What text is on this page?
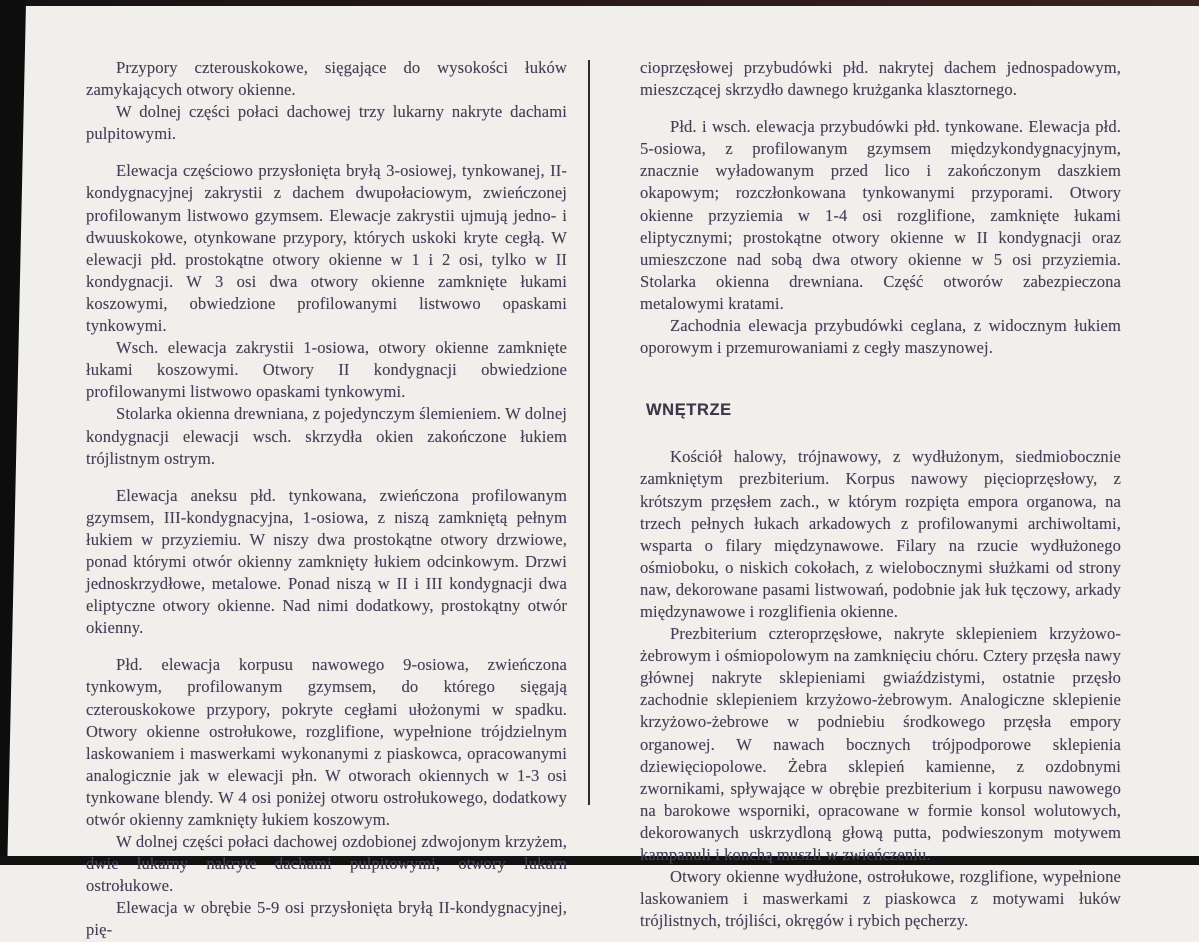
Przypory czterouskokowe, sięgające do wysokości łuków zamykających otwory okienne.

W dolnej części połaci dachowej trzy lukarny nakryte dachami pulpitowymi.

Elewacja częściowo przysłonięta bryłą 3-osiowej, tynkowanej, II-kondygnacyjnej zakrystii z dachem dwupołaciowym, zwieńczonej profilowanym listwowo gzymsem. Elewacje zakrystii ujmują jedno- i dwuuskokowe, otynkowane przypory, których uskoki kryte cegłą. W elewacji płd. prostokątne otwory okienne w 1 i 2 osi, tylko w II kondygnacji. W 3 osi dwa otwory okienne zamknięte łukami koszowymi, obwiedzione profilowanymi listwowo opaskami tynkowymi.

Wsch. elewacja zakrystii 1-osiowa, otwory okienne zamknięte łukami koszowymi. Otwory II kondygnacji obwiedzione profilowanymi listwowo opaskami tynkowymi.

Stolarka okienna drewniana, z pojedynczym ślemieniem. W dolnej kondygnacji elewacji wsch. skrzydła okien zakończone łukiem trójlistnym ostrym.

Elewacja aneksu płd. tynkowana, zwieńczona profilowanym gzymsem, III-kondygnacyjna, 1-osiowa, z niszą zamkniętą pełnym łukiem w przyziemiu. W niszy dwa prostokątne otwory drzwiowe, ponad którymi otwór okienny zamknięty łukiem odcinkowym. Drzwi jednoskrzydłowe, metalowe. Ponad niszą w II i III kondygnacji dwa eliptyczne otwory okienne. Nad nimi dodatkowy, prostokątny otwór okienny.

Płd. elewacja korpusu nawowego 9-osiowa, zwieńczona tynkowym, profilowanym gzymsem, do którego sięgają czterouskokowe przypory, pokryte cegłami ułożonymi w spadku. Otwory okienne ostrołukowe, rozglifione, wypełnione trójdzielnym laskowaniem i maswerkami wykonanymi z piaskowca, opracowanymi analogicznie jak w elewacji płn. W otworach okiennych w 1-3 osi tynkowane blendy. W 4 osi poniżej otworu ostrołukowego, dodatkowy otwór okienny zamknięty łukiem koszowym.

W dolnej części połaci dachowej ozdobionej zdwojonym krzyżem, dwie lukarny nakryte dachami pulpitowymi, otwory lukarn ostrołukowe.

Elewacja w obrębie 5-9 osi przysłonięta bryłą II-kondygnacyjnej, pię-

cioprzęsłowej przybudówki płd. nakrytej dachem jednospadowym, mieszczącej skrzydło dawnego krużganka klasztornego.

Płd. i wsch. elewacja przybudówki płd. tynkowane. Elewacja płd. 5-osiowa, z profilowanym gzymsem międzykondygnacyjnym, znacznie wyładowanym przed lico i zakończonym daszkiem okapowym; rozczłonkowana tynkowanymi przyporami. Otwory okienne przyziemia w 1-4 osi rozglifione, zamknięte łukami eliptycznymi; prostokątne otwory okienne w II kondygnacji oraz umieszczone nad sobą dwa otwory okienne w 5 osi przyziemia. Stolarka okienna drewniana. Część otworów zabezpieczona metalowymi kratami.

Zachodnia elewacja przybudówki ceglana, z widocznym łukiem oporowym i przemurowaniami z cegły maszynowej.

WNĘTRZE

Kościół halowy, trójnawowy, z wydłużonym, siedmiobocznie zamkniętym prezbiterium. Korpus nawowy pięcioprzęsłowy, z krótszym przęsłem zach., w którym rozpięta empora organowa, na trzech pełnych łukach arkadowych z profilowanymi archiwoltami, wsparta o filary międzynawowe. Filary na rzucie wydłużonego ośmioboku, o niskich cokołach, z wielobocznymi służkami od strony naw, dekorowane pasami listwowań, podobnie jak łuk tęczowy, arkady międzynawowe i rozglifienia okienne.

Prezbiterium czteroprzęsłowe, nakryte sklepieniem krzyżowo-żebrowym i ośmiopolowym na zamknięciu chóru. Cztery przęsła nawy głównej nakryte sklepieniami gwiaździstymi, ostatnie przęsło zachodnie sklepieniem krzyżowo-żebrowym. Analogiczne sklepienie krzyżowo-żebrowe w podniebiu środkowego przęsła empory organowej. W nawach bocznych trójpodporowe sklepienia dziewięciopolowe. Żebra sklepień kamienne, z ozdobnymi zwornikami, spływające w obrębie prezbiterium i korpusu nawowego na barokowe wsporniki, opracowane w formie konsol wolutowych, dekorowanych uskrzydloną głową putta, podwieszonym motywem kampanuli i konchą muszli w zwieńczeniu.

Otwory okienne wydłużone, ostrołukowe, rozglifione, wypełnione laskowaniem i maswerkami z piaskowca z motywami łuków trójlistnych, trójliści, okręgów i rybich pęcherzy.
